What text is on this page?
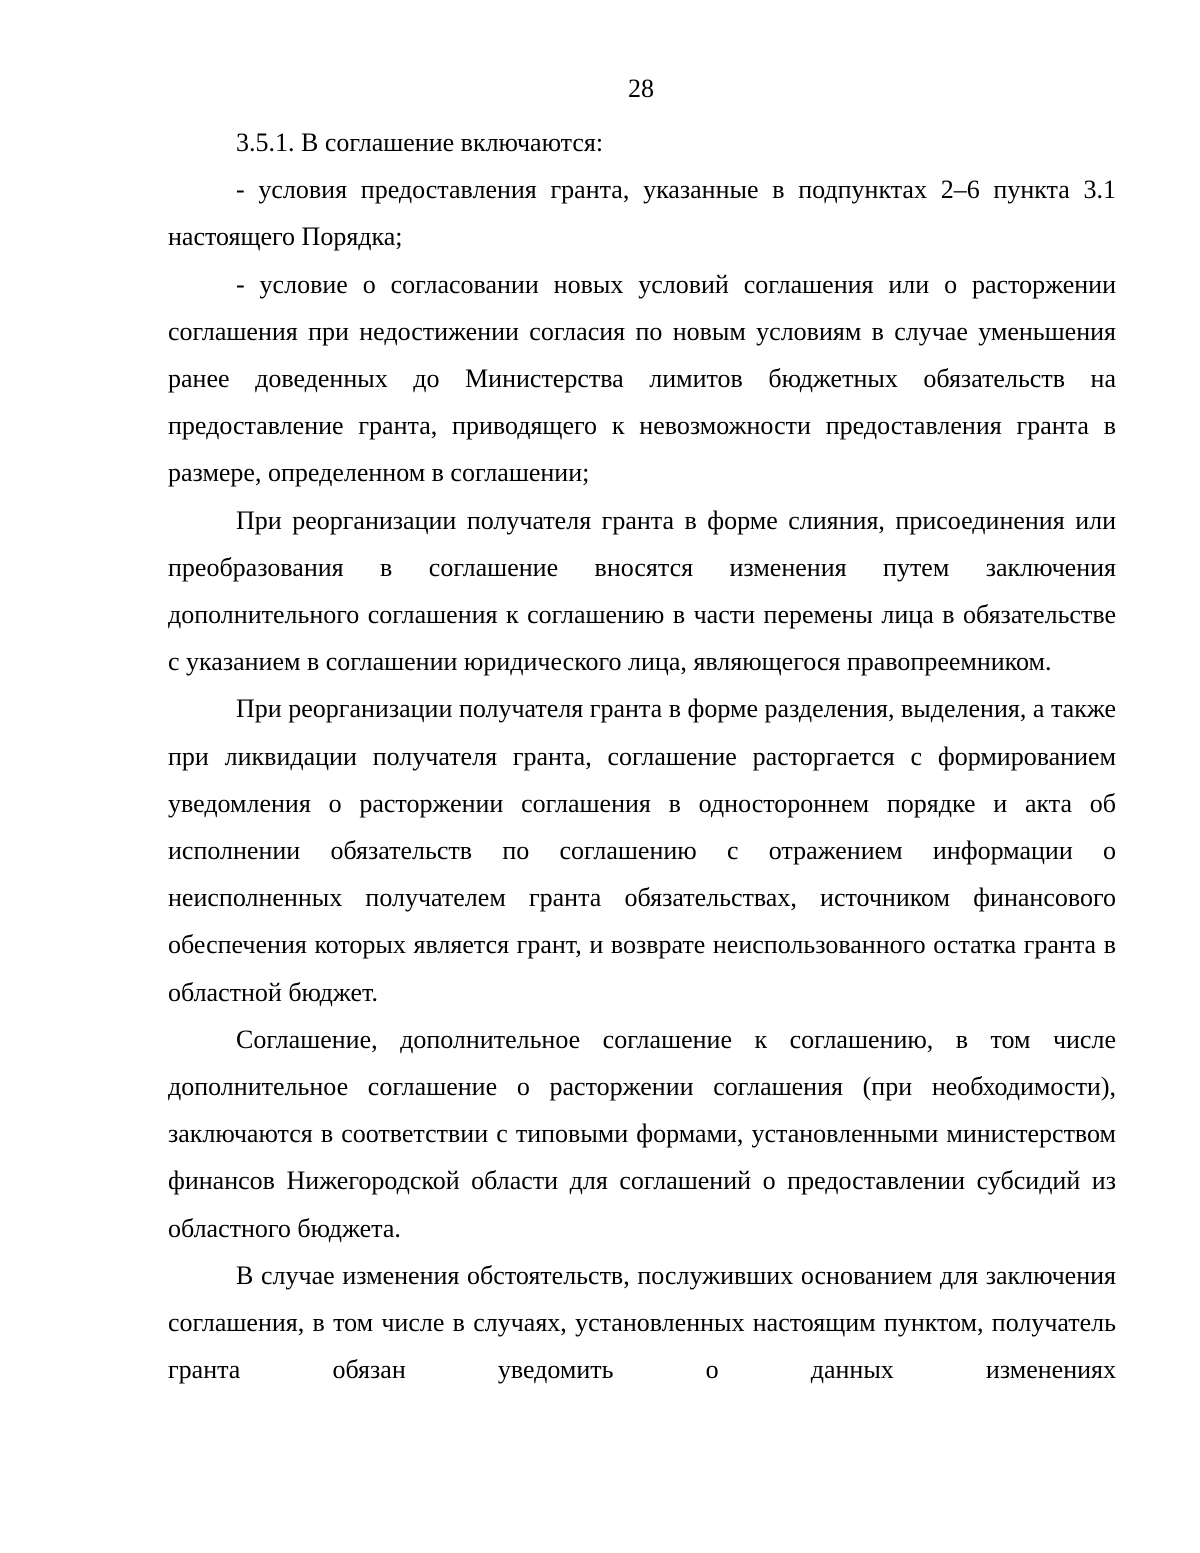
28

3.5.1. В соглашение включаются:

- условия предоставления гранта, указанные в подпунктах 2–6 пункта 3.1 настоящего Порядка;

- условие о согласовании новых условий соглашения или о расторжении соглашения при недостижении согласия по новым условиям в случае уменьшения ранее доведенных до Министерства лимитов бюджетных обязательств на предоставление гранта, приводящего к невозможности предоставления гранта в размере, определенном в соглашении;

При реорганизации получателя гранта в форме слияния, присоединения или преобразования в соглашение вносятся изменения путем заключения дополнительного соглашения к соглашению в части перемены лица в обязательстве с указанием в соглашении юридического лица, являющегося правопреемником.

При реорганизации получателя гранта в форме разделения, выделения, а также при ликвидации получателя гранта, соглашение расторгается с формированием уведомления о расторжении соглашения в одностороннем порядке и акта об исполнении обязательств по соглашению с отражением информации о неисполненных получателем гранта обязательствах, источником финансового обеспечения которых является грант, и возврате неиспользованного остатка гранта в областной бюджет.

Соглашение, дополнительное соглашение к соглашению, в том числе дополнительное соглашение о расторжении соглашения (при необходимости), заключаются в соответствии с типовыми формами, установленными министерством финансов Нижегородской области для соглашений о предоставлении субсидий из областного бюджета.

В случае изменения обстоятельств, послуживших основанием для заключения соглашения, в том числе в случаях, установленных настоящим пунктом, получатель гранта обязан уведомить о данных изменениях
